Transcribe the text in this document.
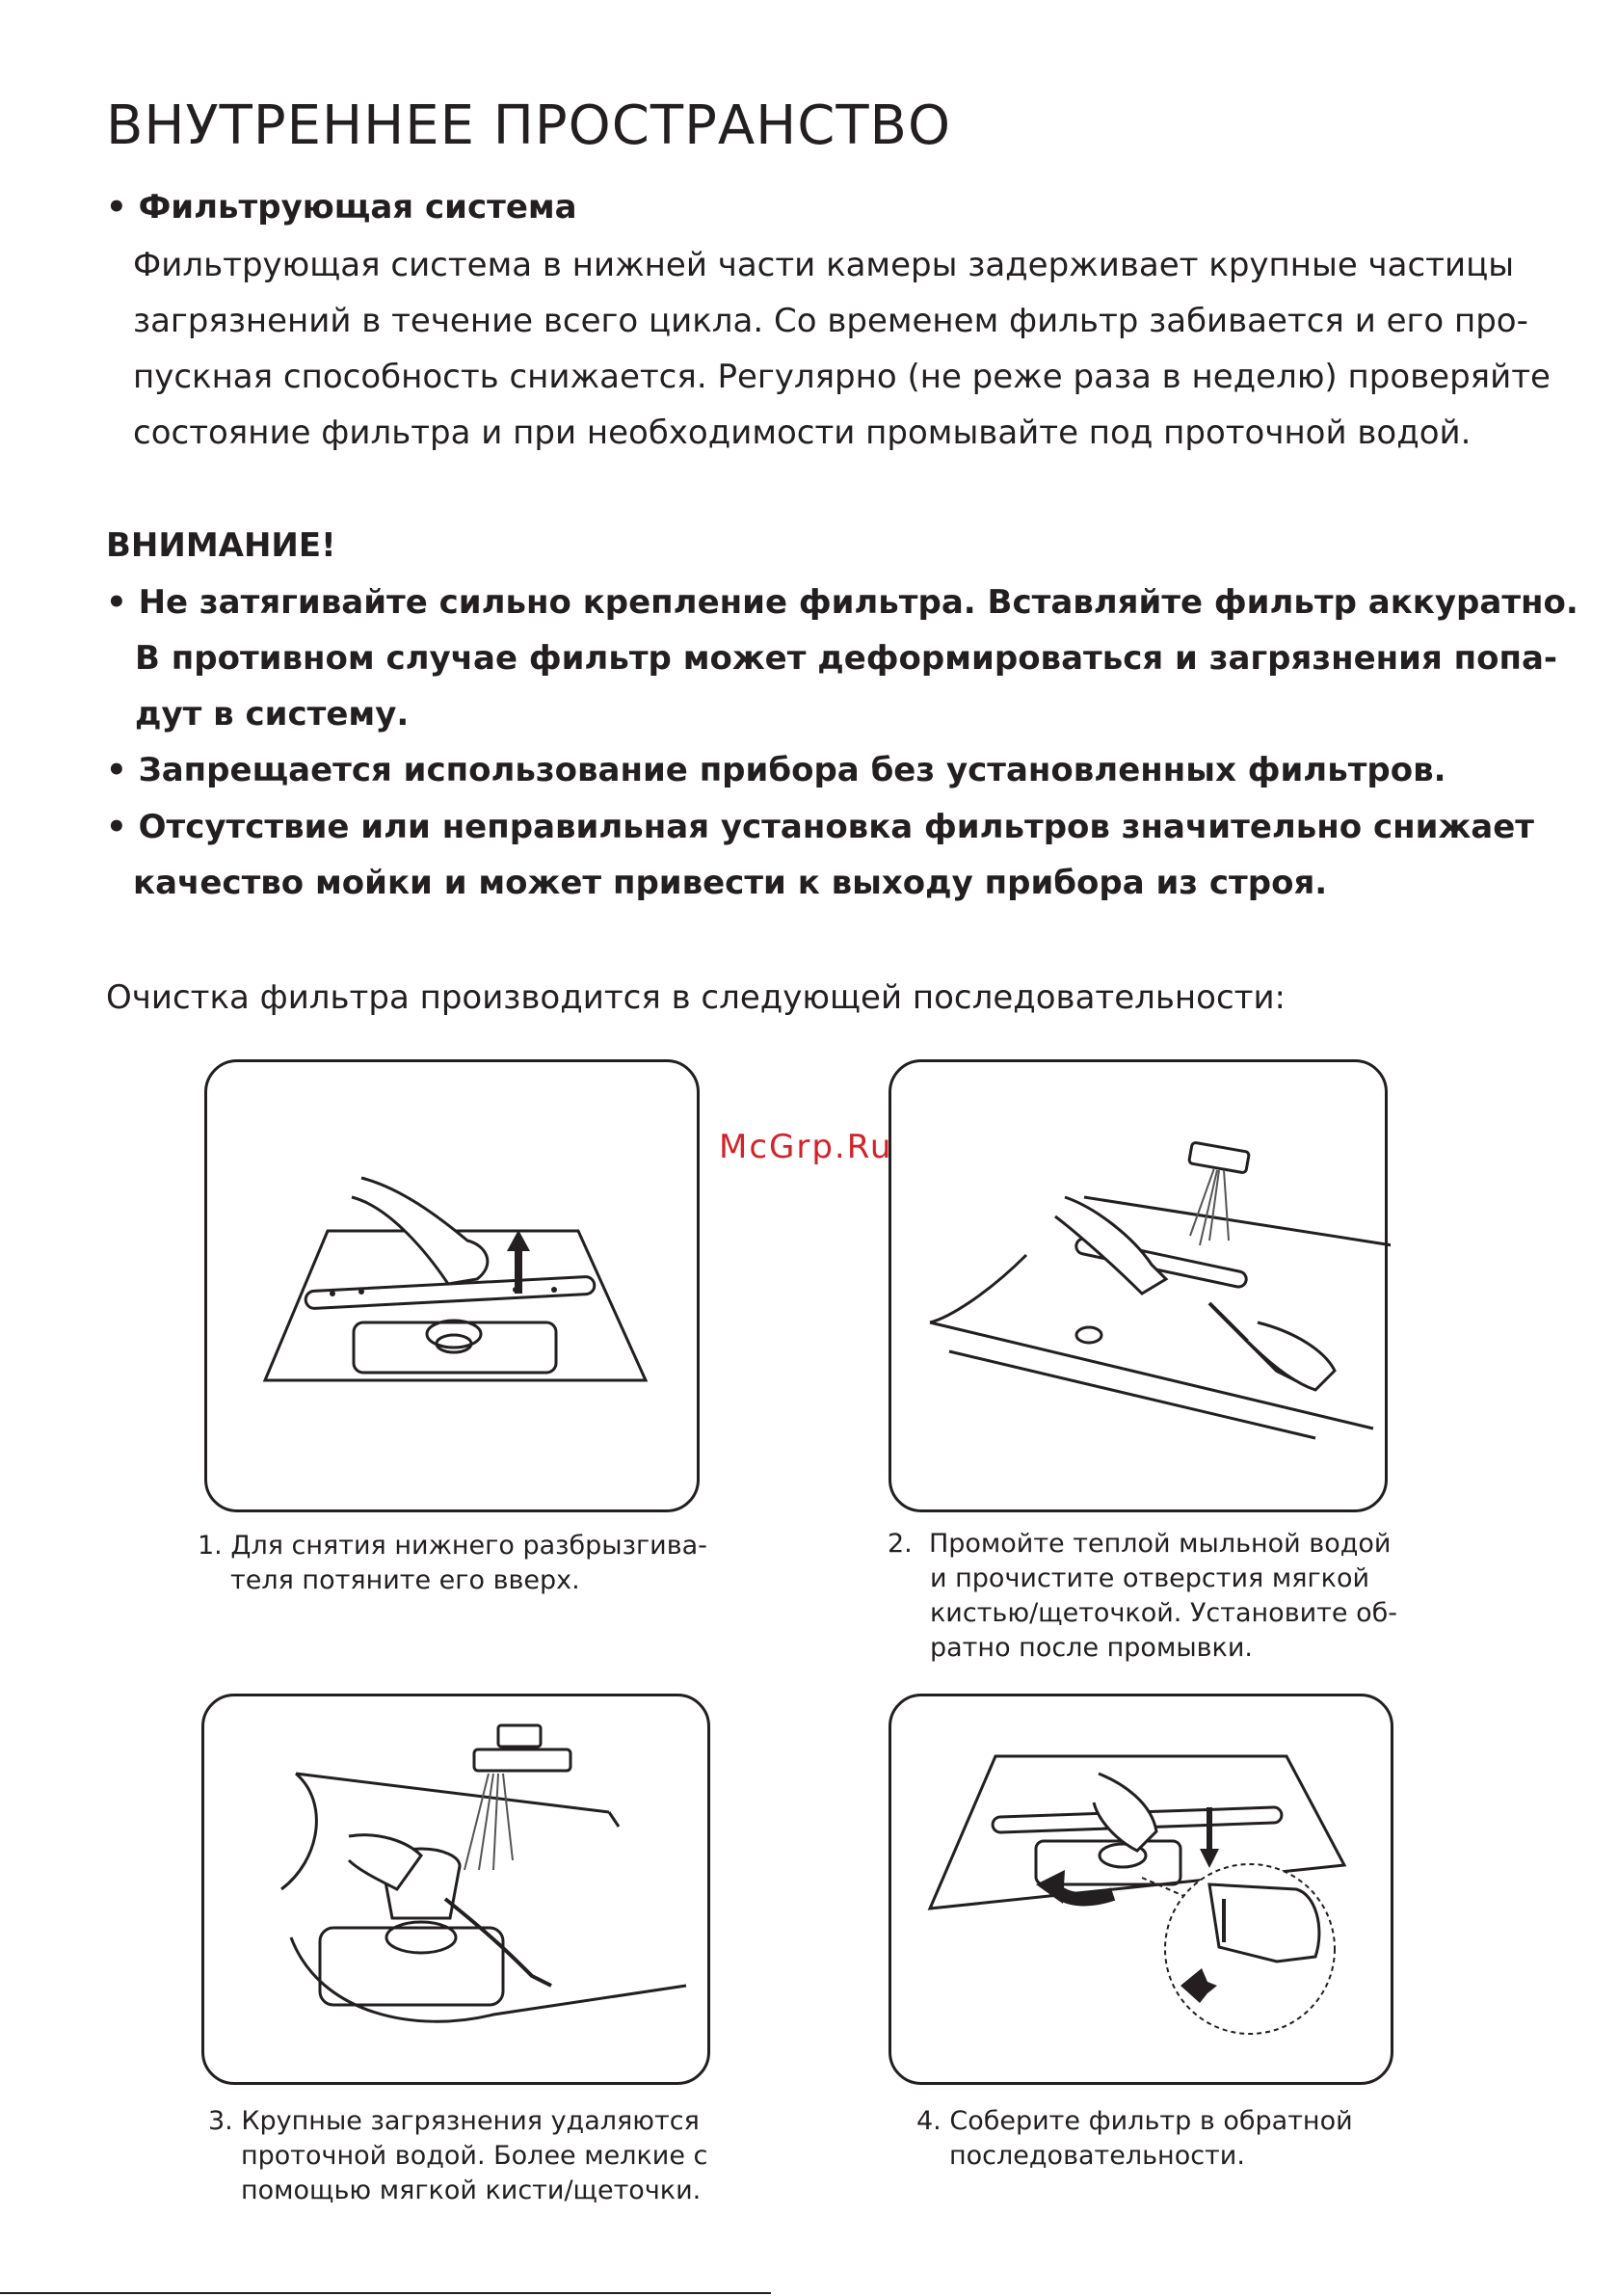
ВНУТРЕННЕЕ ПРОСТРАНСТВО
• Фильтрующая система
Фильтрующая система в нижней части камеры задерживает крупные частицы
загрязнений в течение всего цикла. Со временем фильтр забивается и его про-
пускная способность снижается. Регулярно (не реже раза в неделю) проверяйте
состояние фильтра и при необходимости промывайте под проточной водой.
ВНИМАНИЕ!
• Не затягивайте сильно крепление фильтра. Вставляйте фильтр аккуратно.
В противном случае фильтр может деформироваться и загрязнения попа-
дут в систему.
• Запрещается использование прибора без установленных фильтров.
• Отсутствие или неправильная установка фильтров значительно снижает
качество мойки и может привести к выходу прибора из строя.
Очистка фильтра производится в следующей последовательности:
1. Для снятия нижнего разбрызгива-
теля потяните его вверх.
2. Промойте теплой мыльной водой
и прочистите отверстия мягкой
кистью/щеточкой. Установите об-
ратно после промывки.
3. Крупные загрязнения удаляются
проточной водой. Более мелкие с
помощью мягкой кисти/щеточки.
4. Соберите фильтр в обратной
последовательности.
McGrp.Ru
